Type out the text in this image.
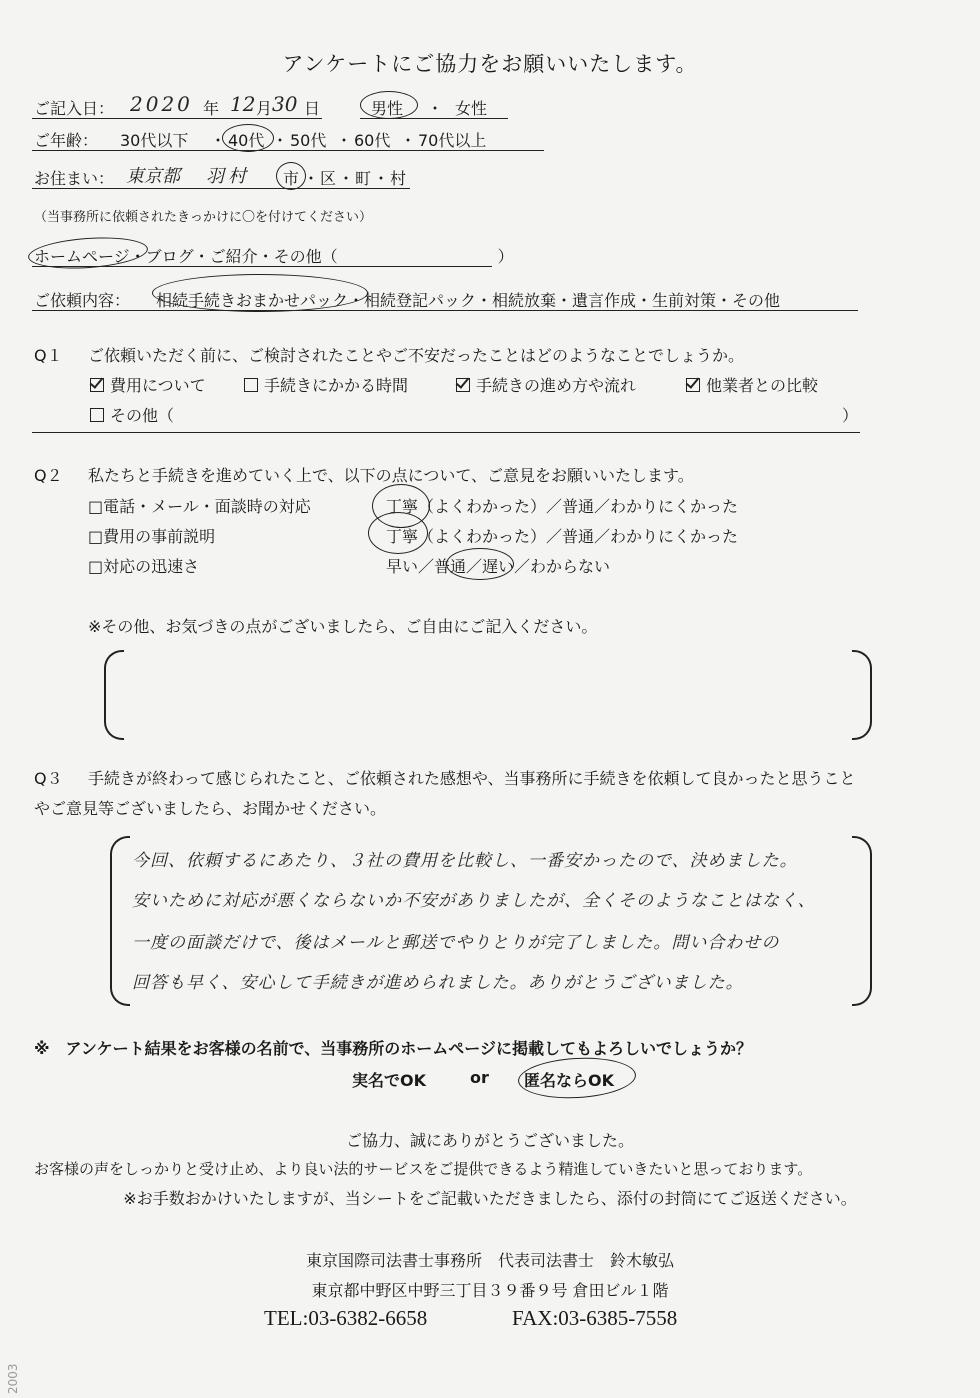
アンケートにご協力をお願いいたします。
ご記入日： 2020 年 12 月 30 日	男性 ・ 女性
ご年齢： 30代以下 ・ 40代 ・ 50代 ・ 60代 ・ 70代以上
お住まい： 東京都 羽村 市 ・ 区 ・ 町 ・ 村
（当事務所に依頼されたきっかけに〇を付けてください）
ホームページ・ブログ・ご紹介・その他（　　　　　　　　　　）
ご依頼内容： 相続手続きおまかせパック・相続登記パック・相続放棄・遺言作成・生前対策・その他
Q１ ご依頼いただく前に、ご検討されたことやご不安だったことはどのようなことでしょうか。
費用について	手続きにかかる時間	手続きの進め方や流れ	他業者との比較
その他（	）
Q２ 私たちと手続きを進めていく上で、以下の点について、ご意見をお願いいたします。
□電話・メール・面談時の対応	丁寧（よくわかった）／普通／わかりにくかった
□費用の事前説明	丁寧（よくわかった）／普通／わかりにくかった
□対応の迅速さ	早い／普通／遅い／わからない
※その他、お気づきの点がございましたら、ご自由にご記入ください。
Q３ 手続きが終わって感じられたこと、ご依頼された感想や、当事務所に手続きを依頼して良かったと思うこと
やご意見等ございましたら、お聞かせください。
今回、依頼するにあたり、３社の費用を比較し、一番安かったので、決めました。
安いために対応が悪くならないか不安がありましたが、全くそのようなことはなく、
一度の面談だけで、後はメールと郵送でやりとりが完了しました。問い合わせの
回答も早く、安心して手続きが進められました。ありがとうございました。
※　アンケート結果をお客様の名前で、当事務所のホームページに掲載してもよろしいでしょうか？
実名でOK	or 匿名ならOK
ご協力、誠にありがとうございました。
お客様の声をしっかりと受け止め、より良い法的サービスをご提供できるよう精進していきたいと思っております。
※お手数おかけいたしますが、当シートをご記載いただきましたら、添付の封筒にてご返送ください。
東京国際司法書士事務所　代表司法書士　鈴木敏弘
東京都中野区中野三丁目３９番９号 倉田ビル１階
TEL:03-6382-6658	FAX:03-6385-7558
2003
